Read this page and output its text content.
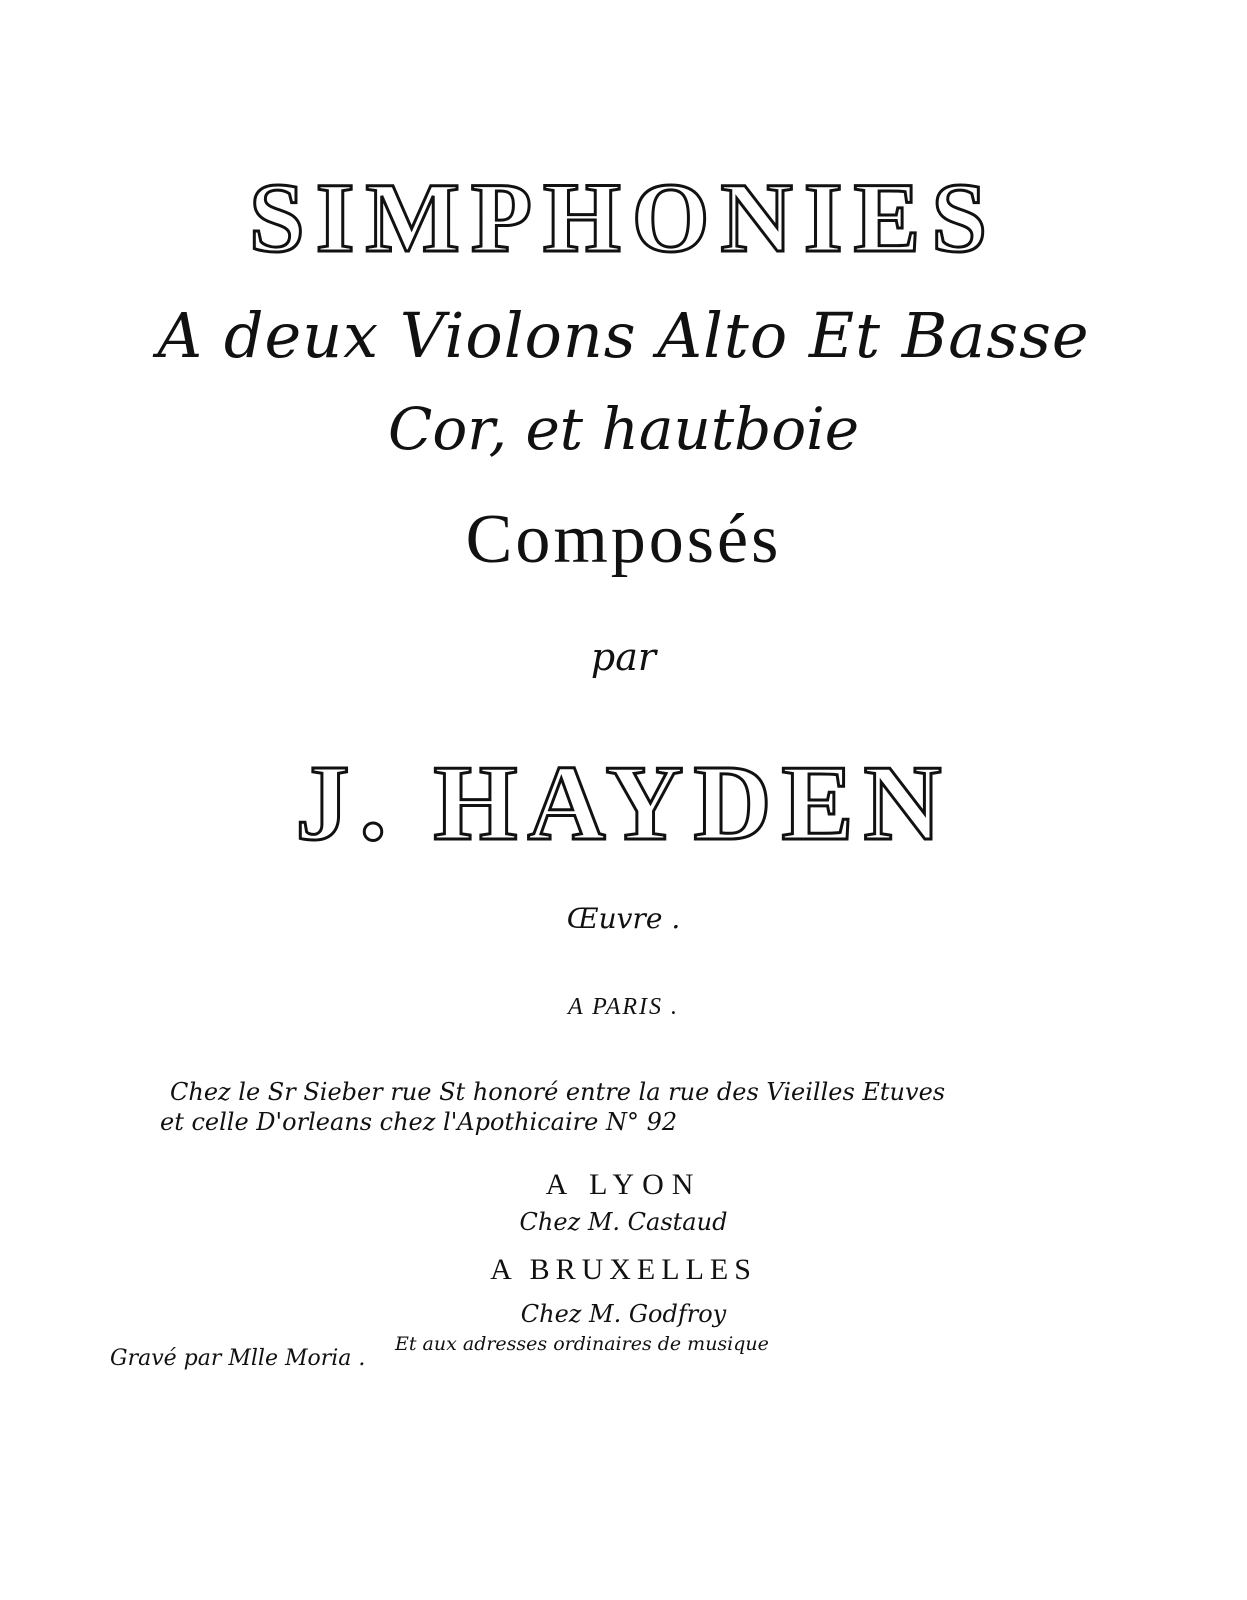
SIMPHONIES
A deux Violons Alto Et Basse
Cor, et hautboie
Composés
par
J. HAYDEN
Œuvre .
A PARIS .
Chez le Sr Sieber rue St honoré entre la rue des Vieilles Etuves
et celle D'orleans chez l'Apothicaire N° 92
A LYON
Chez M. Castaud
A BRUXELLES
Chez M. Godfroy
Gravé par Mlle Moria .
Et aux adresses ordinaires de musique
